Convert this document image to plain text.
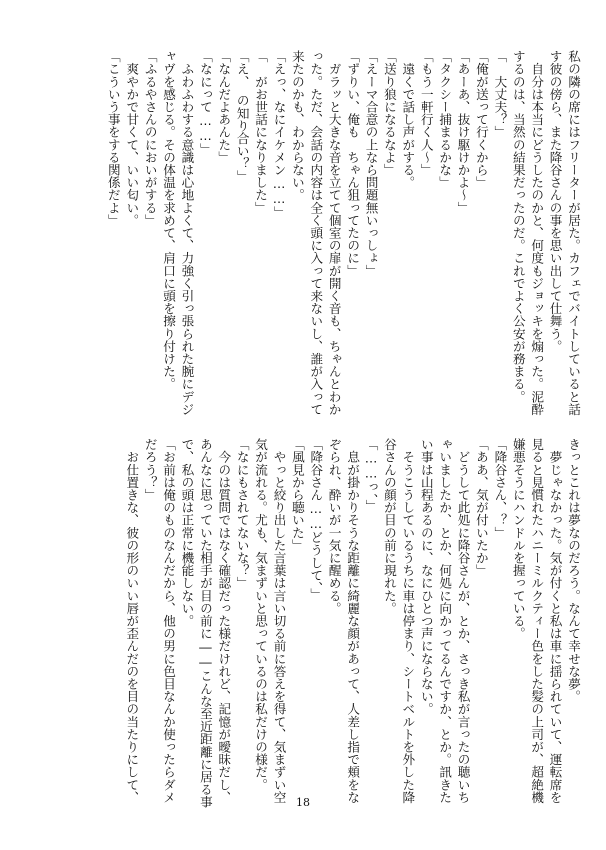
私の隣の席にはフリーターが居た。カフェでバイトしていると話
す彼の傍ら、また降谷さんの事を思い出して仕舞う。
　自分は本当にどうしたのかと、何度もジョッキを煽った。泥酔
するのは、当然の結果だったのだ。これでよく公安が務まる。
「　大丈夫？」
「俺が送って行くから」
「あーあ、抜け駆けかよ～」
「タクシー捕まるかな」
「もう一軒行く人～」
　遠くで話し声がする。
「送り狼になるなよ」
「えーマ合意の上なら問題無いっしょ」
「ずりい、俺も　ちゃん狙ってたのに」
　ガラッと大きな音を立てて個室の扉が開く音も、ちゃんとわか
った。ただ、会話の内容は全く頭に入って来ないし、誰が入って
来たのかも、わからない。
「えっ、なにイケメン……」
「　がお世話になりました」
「え、　の知り合い？」
「なんだよあんた」
「なにって……」
　ふわふわする意識は心地よくて、力強く引っ張られた腕にデジ
ャヴを感じる。その体温を求めて、肩口に頭を擦り付けた。
「ふるやさんのにおいがする」
　爽やかで甘くて、いい匂い。
「こういう事をする関係だよ」
きっとこれは夢なのだろう。なんて幸せな夢。
　夢じゃなかった。気が付くと私は車に揺られていて、運転席を
見ると見慣れたハニーミルクティー色をした髪の上司が、超絶機
嫌悪そうにハンドルを握っている。
「降谷さん、？」
「ああ、気が付いたか」
　どうして此処に降谷さんが、とか、さっき私が言ったの聴いち
ゃいましたか、とか、何処に向かってるんですか、とか。訊きた
い事は山程あるのに、なにひとつ声にならない。
　そうこうしているうちに車は停まり、シートベルトを外した降
谷さんの顔が目の前に現れた。
「……っ、」
　息が掛かりそうな距離に綺麗な顔があって、人差し指で頬をな
ぞられ、酔いが一気に醒める。
「降谷さん……どうして、」
「風見から聴いた」
　やっと絞り出した言葉は言い切る前に答えを得て、気まずい空
気が流れる。尤も、気まずいと思っているのは私だけの様だ。
「なにもされてないな？」
　今のは質問ではなく確認だった様だけれど、記憶が曖昧だし、
あんなに思っていた相手が目の前に――こんな至近距離に居る事
で、私の頭は正常に機能しない。
「お前は俺のものなんだから、他の男に色目なんか使ったらダメ
だろう？」
　お仕置きな、彼の形のいい唇が歪んだのを目の当たりにして、	18
